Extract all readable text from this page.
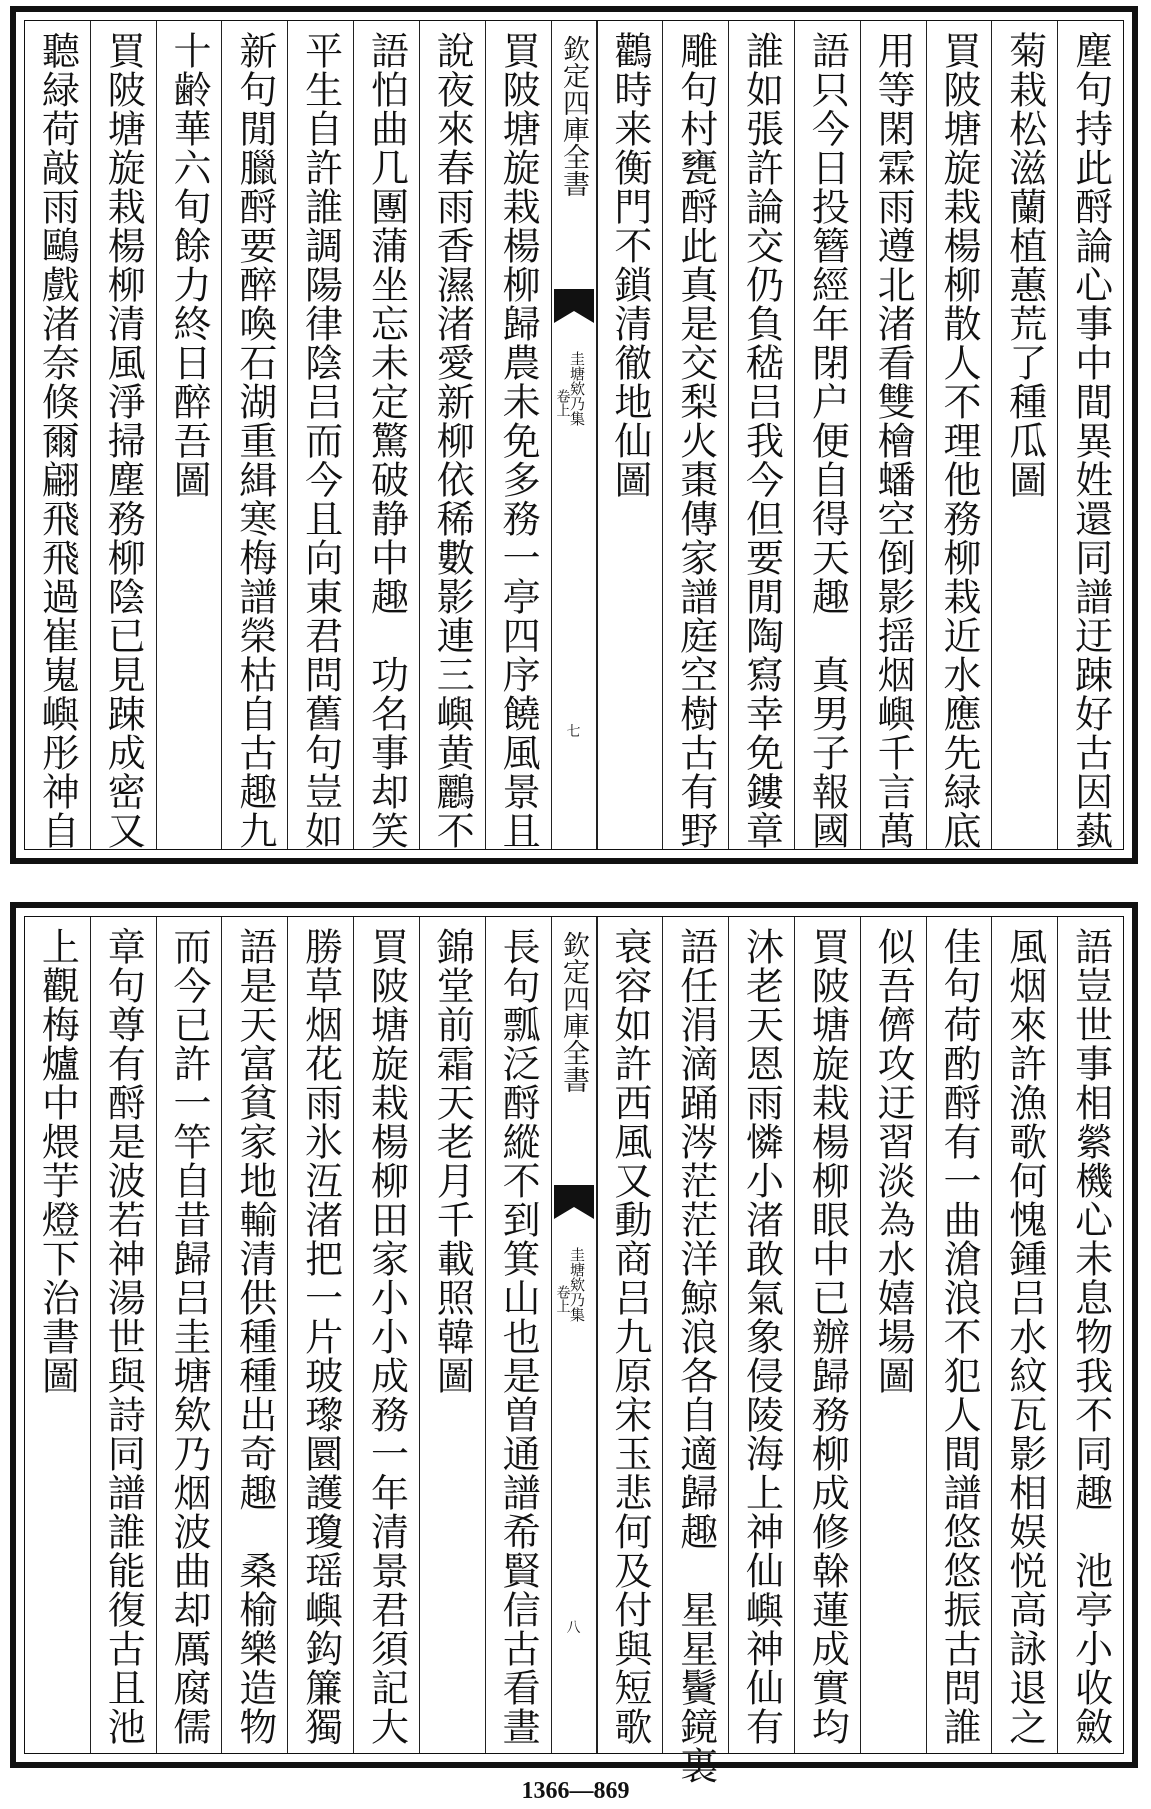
塵句持此酹論心事中間異姓還同譜迂踈好古因蓺
菊栽松滋蘭植蕙荒了種瓜圖
買陂塘旋栽楊柳散人不理他務柳栽近水應先緑底
用等閑霖雨遵北渚看雙檜蟠空倒影揺烟嶼千言萬
語只今日投簪經年閉户便自得天趣　真男子報國
誰如張許論交仍負嵇吕我今但要閒陶寫幸免鏤章
雕句村甕酹此真是交梨火棗傳家譜庭空樹古有野
鸛時来衡門不鎖清徹地仙圖
欽定四庫全書
圭塘欸乃集
卷上
七
買陂塘旋栽楊柳歸農未免多務一亭四序饒風景且
說夜來春雨香濕渚愛新柳依稀數影連三嶼黄鸝不
語怕曲几團蒲坐忘未定驚破静中趣　功名事却笑
平生自許誰調陽律陰吕而今且向東君問舊句豈如
新句閒臘酹要醉喚石湖重緝寒梅譜榮枯自古趣九
十齢華六旬餘力終日醉吾圖
買陂塘旋栽楊柳清風淨掃塵務柳陰已見踈成密又
聽緑荷敲雨鷗戲渚奈倏爾翩飛飛過崔嵬嶼彤神自
語豈世事相縈機心未息物我不同趣　池亭小收斂
風烟來許漁歌何愧鍾吕水紋瓦影相娱悦高詠退之
佳句荷酌酹有一曲滄浪不犯人間譜悠悠振古問誰
似吾儕攻迂習淡為水嬉場圖
買陂塘旋栽楊柳眼中已辦歸務柳成修榦蓮成實均
沐老天恩雨憐小渚敢氣象侵陵海上神仙嶼神仙有
語任涓滴踊涔茫茫洋鯨浪各自適歸趣　星星鬢鏡裏
衰容如許西風又動商吕九原宋玉悲何及付與短歌
欽定四庫全書
圭塘欸乃集
卷上
八
長句瓢泛酹縱不到箕山也是曽通譜希賢信古看晝
錦堂前霜天老月千載照韓圖
買陂塘旋栽楊柳田家小小成務一年清景君須記大
勝草烟花雨氷沍渚把一片玻瓈圜護瓊瑶嶼鈎簾獨
語是天富貧家地輸清供種種出奇趣　桑榆樂造物
而今已許一竿自昔歸吕圭塘欸乃烟波曲却厲腐儒
章句尊有酹是波若神湯世與詩同譜誰能復古且池
上觀梅爐中煨芋燈下治書圖
1366—869
